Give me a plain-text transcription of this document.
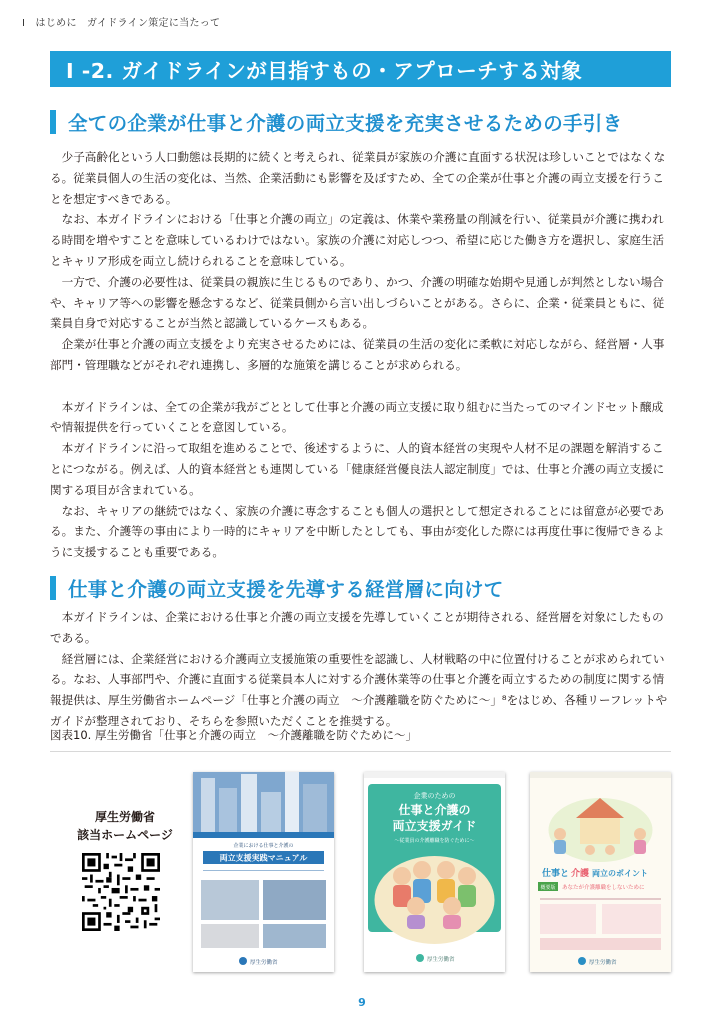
I　はじめに　ガイドライン策定に当たって
I -2. ガイドラインが目指すもの・アプローチする対象
全ての企業が仕事と介護の両立支援を充実させるための手引き

少子高齢化という人口動態は長期的に続くと考えられ、従業員が家族の介護に直面する状況は珍しいことではなくなる。従業員個人の生活の変化は、当然、企業活動にも影響を及ぼすため、全ての企業が仕事と介護の両立支援を行うことを想定すべきである。

なお、本ガイドラインにおける「仕事と介護の両立」の定義は、休業や業務量の削減を行い、従業員が介護に携われる時間を増やすことを意味しているわけではない。家族の介護に対応しつつ、希望に応じた働き方を選択し、家庭生活とキャリア形成を両立し続けられることを意味している。

一方で、介護の必要性は、従業員の親族に生じるものであり、かつ、介護の明確な始期や見通しが判然としない場合や、キャリア等への影響を懸念するなど、従業員側から言い出しづらいことがある。さらに、企業・従業員ともに、従業員自身で対応することが当然と認識しているケースもある。

企業が仕事と介護の両立支援をより充実させるためには、従業員の生活の変化に柔軟に対応しながら、経営層・人事部門・管理職などがそれぞれ連携し、多層的な施策を講じることが求められる。

本ガイドラインは、全ての企業が我がごととして仕事と介護の両立支援に取り組むに当たってのマインドセット醸成や情報提供を行っていくことを意図している。

本ガイドラインに沿って取組を進めることで、後述するように、人的資本経営の実現や人材不足の課題を解消することにつながる。例えば、人的資本経営とも連関している「健康経営優良法人認定制度」では、仕事と介護の両立支援に関する項目が含まれている。

なお、キャリアの継続ではなく、家族の介護に専念することも個人の選択として想定されることには留意が必要である。また、介護等の事由により一時的にキャリアを中断したとしても、事由が変化した際には再度仕事に復帰できるように支援することも重要である。

仕事と介護の両立支援を先導する経営層に向けて

本ガイドラインは、企業における仕事と介護の両立支援を先導していくことが期待される、経営層を対象にしたものである。

経営層には、企業経営における介護両立支援施策の重要性を認識し、人材戦略の中に位置付けることが求められている。なお、人事部門や、介護に直面する従業員本人に対する介護休業等の仕事と介護を両立するための制度に関する情報提供は、厚生労働省ホームページ「仕事と介護の両立　～介護離職を防ぐために～」⁸をはじめ、各種リーフレットやガイドが整理されており、そちらを参照いただくことを推奨する。

図表10. 厚生労働省「仕事と介護の両立　～介護離職を防ぐために～」
厚生労働省
該当ホームページ
企業における仕事と介護の
両立支援実践マニュアル
厚生労働省
企業のための
仕事と介護の
両立支援ガイド
～従業員の介護離職を防ぐために～
厚生労働省
仕事と 介護 両立のポイント
概要版 あなたが介護離職をしないために
厚生労働省
9
